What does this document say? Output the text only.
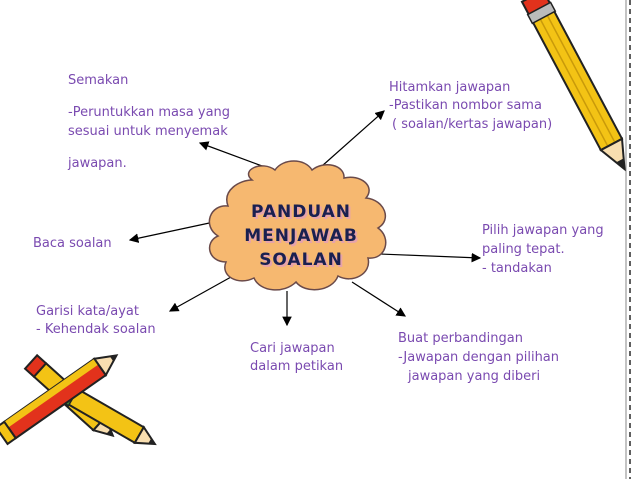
PANDUAN
MENJAWAB
SOALAN
Semakan
-Peruntukkan masa yang
sesuai untuk menyemak
jawapan.
Hitamkan jawapan
-Pastikan nombor sama
( soalan/kertas jawapan)
Baca soalan
Pilih jawapan yang
paling tepat.
- tandakan
Garisi kata/ayat
- Kehendak soalan
Cari jawapan
dalam petikan
Buat perbandingan
-Jawapan dengan pilihan
jawapan yang diberi
